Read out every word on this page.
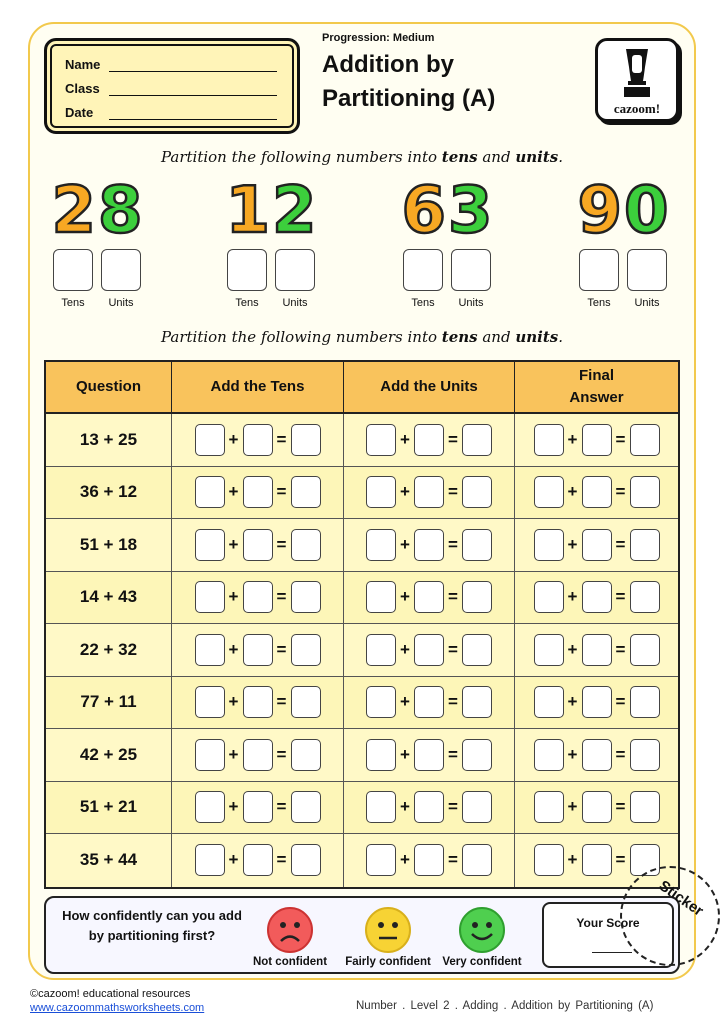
Name
Class
Date
Progression: Medium
Addition by
Partitioning (A)	cazoom!
Partition the following numbers into tens and units.
2 8
Tens	Units
1 2
Tens	Units
6 3
Tens	Units
9 0
Tens	Units
Partition the following numbers into tens and units.
Question	Add the Tens	Add the Units
Final Answer
13 + 25	+ =	+ =	+ =
36 + 12	+ =	+ =	+ =
51 + 18	+ =	+ =	+ =
14 + 43	+ =	+ =	+ =
22 + 32	+ =	+ =	+ =
77 + 11	+ =	+ =	+ =
42 + 25	+ =	+ =	+ =
51 + 21	+ =	+ =	+ =
35 + 44	+ =	+ =	+ =
How confidently can you add by partitioning first?
Not confident	Fairly confident	Very confident
Your Score
Sticker
©cazoom! educational resources
www.cazoommathsworksheets.com	Number . Level 2 . Adding . Addition by Partitioning (A)
